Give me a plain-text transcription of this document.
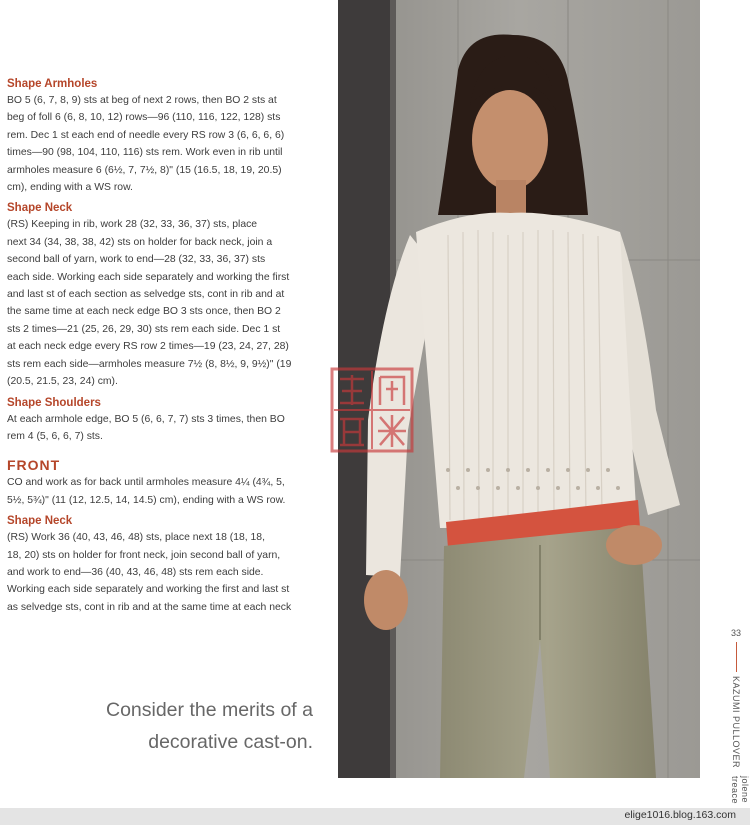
Shape Armholes
BO 5 (6, 7, 8, 9) sts at beg of next 2 rows, then BO 2 sts at
beg of foll 6 (6, 8, 10, 12) rows—96 (110, 116, 122, 128) sts
rem. Dec 1 st each end of needle every RS row 3 (6, 6, 6, 6)
times—90 (98, 104, 110, 116) sts rem. Work even in rib until
armholes measure 6 (6½, 7, 7½, 8)" (15 (16.5, 18, 19, 20.5)
cm), ending with a WS row.
Shape Neck
(RS) Keeping in rib, work 28 (32, 33, 36, 37) sts, place
next 34 (34, 38, 38, 42) sts on holder for back neck, join a
second ball of yarn, work to end—28 (32, 33, 36, 37) sts
each side. Working each side separately and working the first
and last st of each section as selvedge sts, cont in rib and at
the same time at each neck edge BO 3 sts once, then BO 2
sts 2 times—21 (25, 26, 29, 30) sts rem each side. Dec 1 st
at each neck edge every RS row 2 times—19 (23, 24, 27, 28)
sts rem each side—armholes measure 7½ (8, 8½, 9, 9½)" (19
(20.5, 21.5, 23, 24) cm).
Shape Shoulders
At each armhole edge, BO 5 (6, 6, 7, 7) sts 3 times, then BO
rem 4 (5, 6, 6, 7) sts.
FRONT
CO and work as for back until armholes measure 4¼ (4¾, 5,
5½, 5¾)" (11 (12, 12.5, 14, 14.5) cm), ending with a WS row.
Shape Neck
(RS) Work 36 (40, 43, 46, 48) sts, place next 18 (18, 18,
18, 20) sts on holder for front neck, join second ball of yarn,
and work to end—36 (40, 43, 46, 48) sts rem each side.
Working each side separately and working the first and last st
as selvedge sts, cont in rib and at the same time at each neck
Consider the merits of a
decorative cast-on.
33
KAZUMI PULLOVER
jolene treace
elige1016.blog.163.com
